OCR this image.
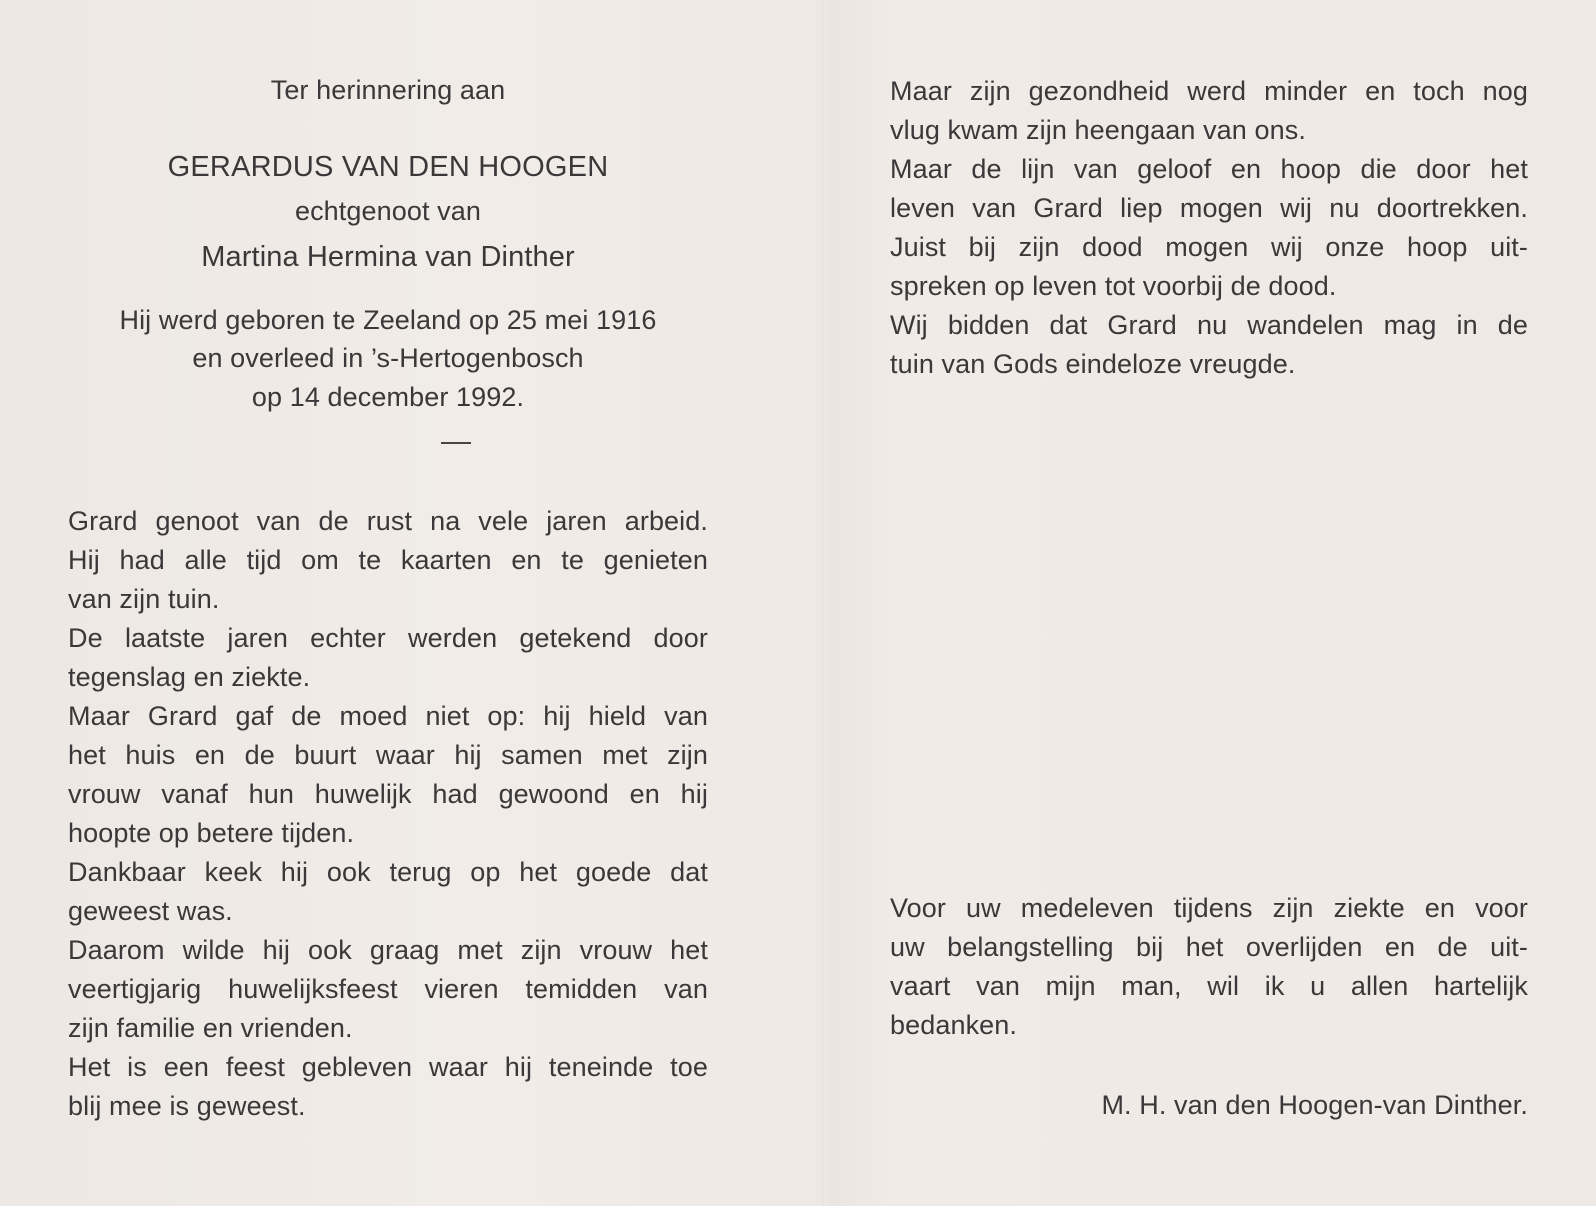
Ter herinnering aan
GERARDUS VAN DEN HOOGEN
echtgenoot van
Martina Hermina van Dinther
Hij werd geboren te Zeeland op 25 mei 1916
en overleed in ’s-Hertogenbosch
op 14 december 1992.
Grard genoot van de rust na vele jaren arbeid.
Hij had alle tijd om te kaarten en te genieten
van zijn tuin.
De laatste jaren echter werden getekend door
tegenslag en ziekte.
Maar Grard gaf de moed niet op: hij hield van
het huis en de buurt waar hij samen met zijn
vrouw vanaf hun huwelijk had gewoond en hij
hoopte op betere tijden.
Dankbaar keek hij ook terug op het goede dat
geweest was.
Daarom wilde hij ook graag met zijn vrouw het
veertigjarig huwelijksfeest vieren temidden van
zijn familie en vrienden.
Het is een feest gebleven waar hij teneinde toe
blij mee is geweest.
Maar zijn gezondheid werd minder en toch nog
vlug kwam zijn heengaan van ons.
Maar de lijn van geloof en hoop die door het
leven van Grard liep mogen wij nu doortrekken.
Juist bij zijn dood mogen wij onze hoop uit-
spreken op leven tot voorbij de dood.
Wij bidden dat Grard nu wandelen mag in de
tuin van Gods eindeloze vreugde.
Voor uw medeleven tijdens zijn ziekte en voor
uw belangstelling bij het overlijden en de uit-
vaart van mijn man, wil ik u allen hartelijk
bedanken.
M. H. van den Hoogen-van Dinther.
